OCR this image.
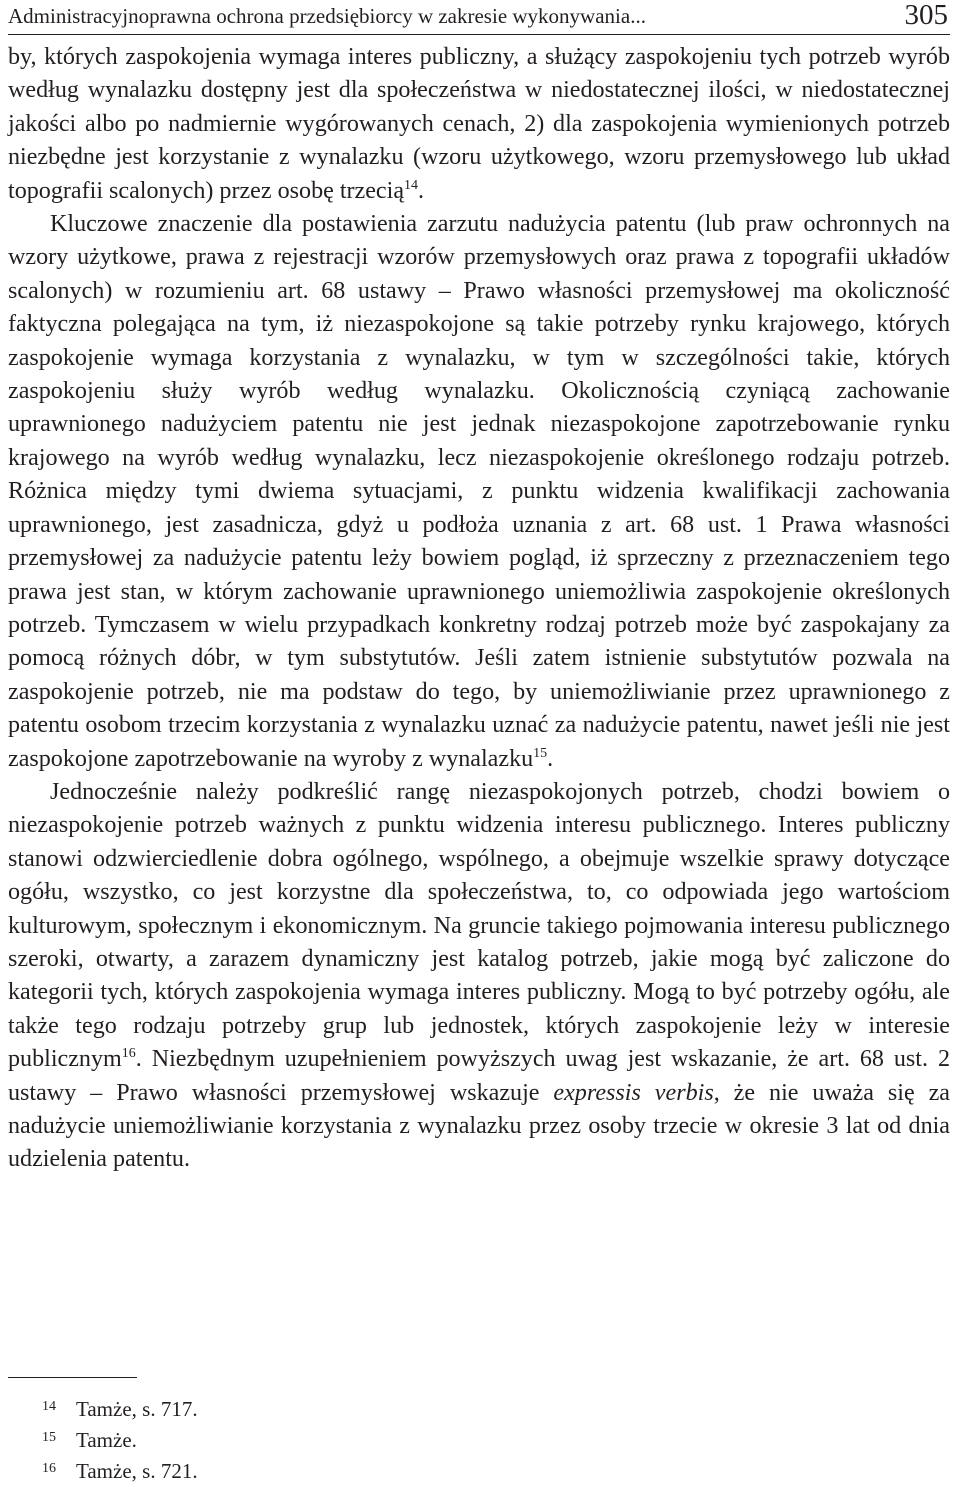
Administracyjnoprawna ochrona przedsiębiorcy w zakresie wykonywania...	305

by, których zaspokojenia wymaga interes publiczny, a służący zaspokojeniu tych potrzeb wyrób według wynalazku dostępny jest dla społeczeństwa w niedostatecznej ilości, w niedostatecznej jakości albo po nadmiernie wygórowanych cenach, 2) dla zaspokojenia wymienionych potrzeb niezbędne jest korzystanie z wynalazku (wzoru użytkowego, wzoru przemysłowego lub układ topografii scalonych) przez osobę trzecią$^{14}$.

Kluczowe znaczenie dla postawienia zarzutu nadużycia patentu (lub praw ochronnych na wzory użytkowe, prawa z rejestracji wzorów przemysłowych oraz prawa z topografii układów scalonych) w rozumieniu art. 68 ustawy – Prawo własności przemysłowej ma okoliczność faktyczna polegająca na tym, iż niezaspokojone są takie potrzeby rynku krajowego, których zaspokojenie wymaga korzystania z wynalazku, w tym w szczególności takie, których zaspokojeniu służy wyrób według wynalazku. Okolicznością czyniącą zachowanie uprawnionego nadużyciem patentu nie jest jednak niezaspokojone zapotrzebowanie rynku krajowego na wyrób według wynalazku, lecz niezaspokojenie określonego rodzaju potrzeb. Różnica między tymi dwiema sytuacjami, z punktu widzenia kwalifikacji zachowania uprawnionego, jest zasadnicza, gdyż u podłoża uznania z art. 68 ust. 1 Prawa własności przemysłowej za nadużycie patentu leży bowiem pogląd, iż sprzeczny z przeznaczeniem tego prawa jest stan, w którym zachowanie uprawnionego uniemożliwia zaspokojenie określonych potrzeb. Tymczasem w wielu przypadkach konkretny rodzaj potrzeb może być zaspokajany za pomocą różnych dóbr, w tym substytutów. Jeśli zatem istnienie substytutów pozwala na zaspokojenie potrzeb, nie ma podstaw do tego, by uniemożliwianie przez uprawnionego z patentu osobom trzecim korzystania z wynalazku uznać za nadużycie patentu, nawet jeśli nie jest zaspokojone zapotrzebowanie na wyroby z wynalazku$^{15}$.

Jednocześnie należy podkreślić rangę niezaspokojonych potrzeb, chodzi bowiem o niezaspokojenie potrzeb ważnych z punktu widzenia interesu publicznego. Interes publiczny stanowi odzwierciedlenie dobra ogólnego, wspólnego, a obejmuje wszelkie sprawy dotyczące ogółu, wszystko, co jest korzystne dla społeczeństwa, to, co odpowiada jego wartościom kulturowym, społecznym i ekonomicznym. Na gruncie takiego pojmowania interesu publicznego szeroki, otwarty, a zarazem dynamiczny jest katalog potrzeb, jakie mogą być zaliczone do kategorii tych, których zaspokojenia wymaga interes publiczny. Mogą to być potrzeby ogółu, ale także tego rodzaju potrzeby grup lub jednostek, których zaspokojenie leży w interesie publicznym$^{16}$. Niezbędnym uzupełnieniem powyższych uwag jest wskazanie, że art. 68 ust. 2 ustawy – Prawo własności przemysłowej wskazuje expressis verbis, że nie uważa się za nadużycie uniemożliwianie korzystania z wynalazku przez osoby trzecie w okresie 3 lat od dnia udzielenia patentu.

14 Tamże, s. 717.
15 Tamże.
16 Tamże, s. 721.
